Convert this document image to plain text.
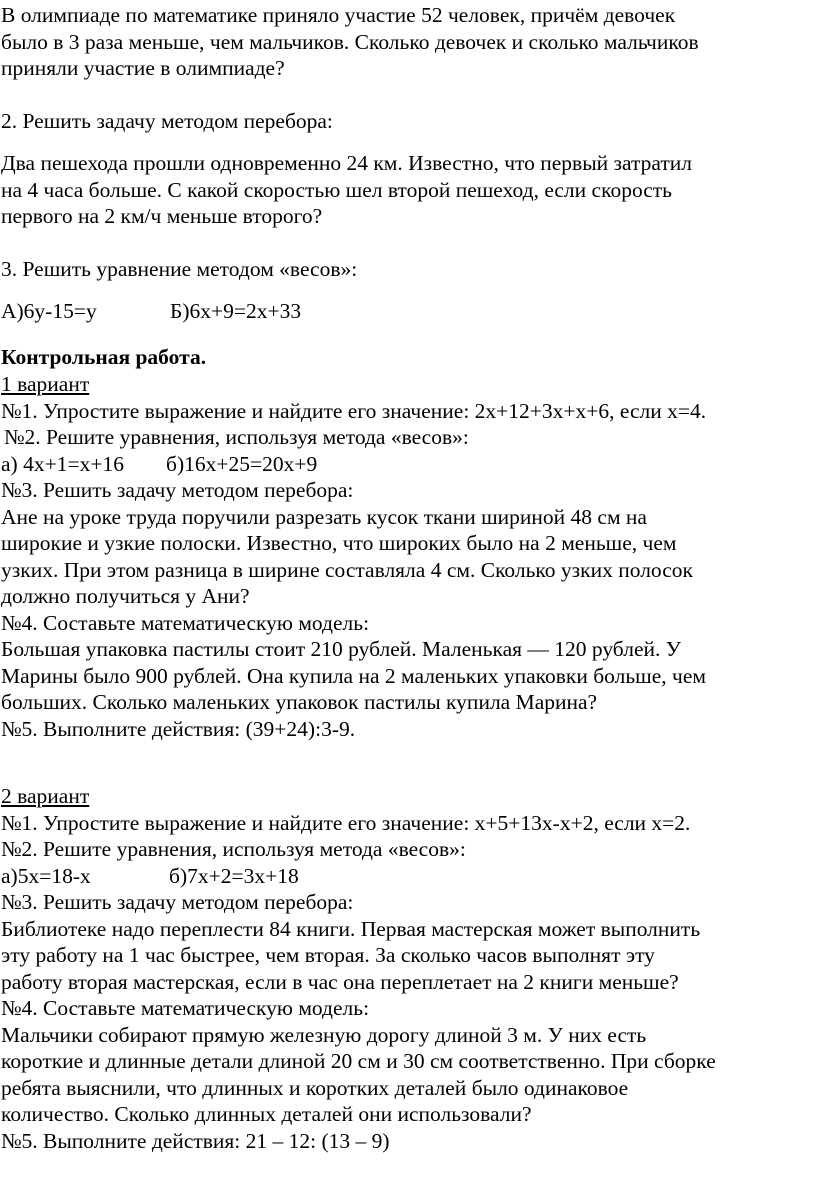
В олимпиаде по математике приняло участие 52 человек, причём девочек
было в 3 раза меньше, чем мальчиков. Сколько девочек и сколько мальчиков
приняли участие в олимпиаде?
2. Решить задачу методом перебора:
Два пешехода прошли одновременно 24 км. Известно, что первый затратил
на 4 часа больше. С какой скоростью шел второй пешеход, если скорость
первого на 2 км/ч меньше второго?
3. Решить уравнение методом «весов»:
А)6у-15=у	Б)6х+9=2х+33
Контрольная работа.
1 вариант
№1. Упростите выражение и найдите его значение: 2х+12+3х+х+6, если х=4.
№2. Решите уравнения, используя метода «весов»:
а) 4х+1=х+16 б)16х+25=20х+9
№3. Решить задачу методом перебора:
Ане на уроке труда поручили разрезать кусок ткани шириной 48 см на
широкие и узкие полоски. Известно, что широких было на 2 меньше, чем
узких. При этом разница в ширине составляла 4 см. Сколько узких полосок
должно получиться у Ани?
№4. Составьте математическую модель:
Большая упаковка пастилы стоит 210 рублей. Маленькая — 120 рублей. У
Марины было 900 рублей. Она купила на 2 маленьких упаковки больше, чем
больших. Сколько маленьких упаковок пастилы купила Марина?
№5. Выполните действия: (39+24):3-9.
2 вариант
№1. Упростите выражение и найдите его значение: х+5+13х-х+2, если х=2.
№2. Решите уравнения, используя метода «весов»:
а)5х=18-х	б)7х+2=3х+18
№3. Решить задачу методом перебора:
Библиотеке надо переплести 84 книги. Первая мастерская может выполнить
эту работу на 1 час быстрее, чем вторая. За сколько часов выполнят эту
работу вторая мастерская, если в час она переплетает на 2 книги меньше?
№4. Составьте математическую модель:
Мальчики собирают прямую железную дорогу длиной 3 м. У них есть
короткие и длинные детали длиной 20 см и 30 см соответственно. При сборке
ребята выяснили, что длинных и коротких деталей было одинаковое
количество. Сколько длинных деталей они использовали?
№5. Выполните действия: 21 – 12: (13 – 9)
